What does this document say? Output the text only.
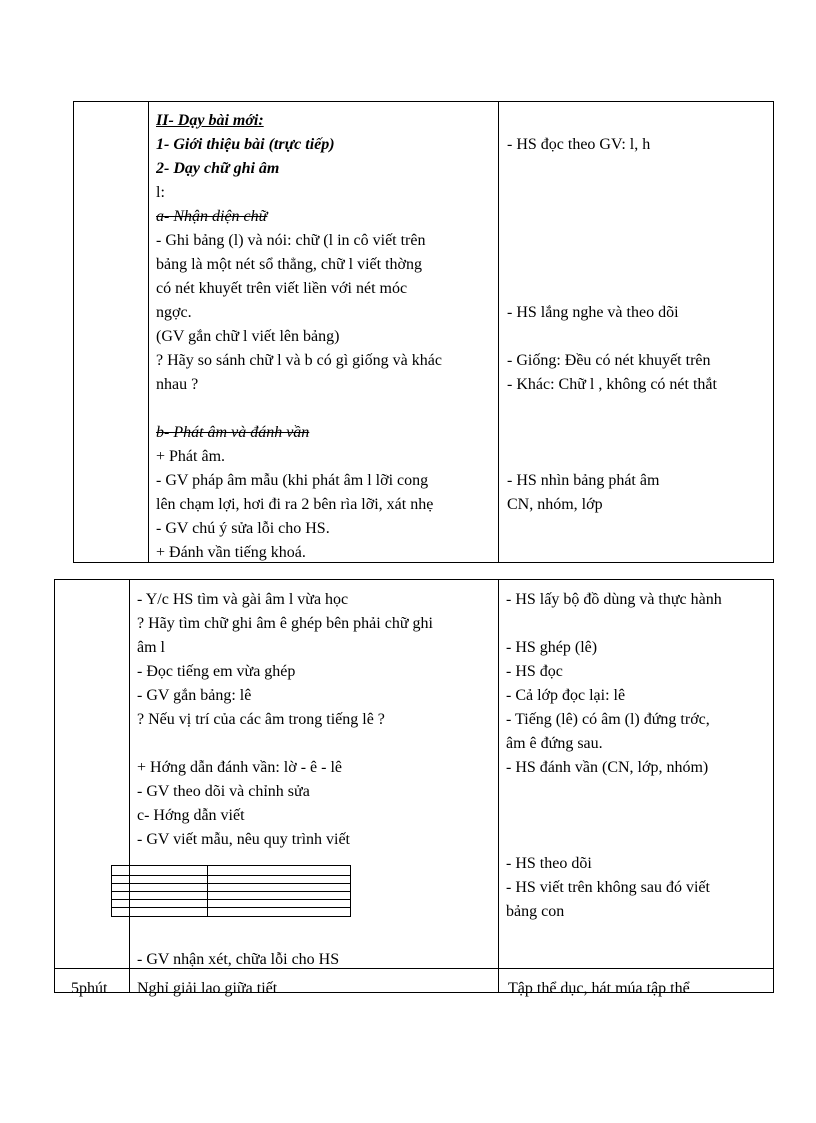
II- Dạy bài mới:
1- Giới thiệu bài (trực tiếp)
2- Dạy chữ ghi âm
l:
a- Nhận diện chữ
- Ghi bảng (l) và nói: chữ (l in cô viết trên
bảng là một nét sổ thẳng, chữ l viết thờng
có nét khuyết trên viết liền với nét móc
ngợc.
(GV gắn chữ l viết lên bảng)
? Hãy so sánh chữ l và b có gì giống và khác
nhau ?
b- Phát âm và đánh vần
+ Phát âm.
- GV pháp âm mẫu (khi phát âm l lỡi cong
lên chạm lợi, hơi đi ra 2 bên rìa lỡi, xát nhẹ
- GV chú ý sửa lỗi cho HS.
+ Đánh vần tiếng khoá.
- HS đọc theo GV: l, h
- HS lắng nghe và theo dõi
- Giống: Đều có nét khuyết trên
- Khác: Chữ l , không có nét thắt
- HS nhìn bảng phát âm
CN, nhóm, lớp
- Y/c HS tìm và gài âm l vừa học
? Hãy tìm chữ ghi âm ê ghép bên phải chữ ghi
âm l
- Đọc tiếng em vừa ghép
- GV gắn bảng: lê
? Nếu vị trí của các âm trong tiếng lê ?
+ Hớng dẫn đánh vần: lờ - ê - lê
- GV theo dõi và chỉnh sửa
c- Hớng dẫn viết
- GV viết mẫu, nêu quy trình viết
- GV nhận xét, chữa lỗi cho HS
- HS lấy bộ đồ dùng và thực hành
- HS ghép (lê)
- HS đọc
- Cả lớp đọc lại: lê
- Tiếng (lê) có âm (l) đứng trớc,
âm ê đứng sau.
- HS đánh vần (CN, lớp, nhóm)
- HS theo dõi
- HS viết trên không sau đó viết
bảng con
5phút Nghỉ giải lao giữa tiết	Tập thể dục, hát múa tập thể
